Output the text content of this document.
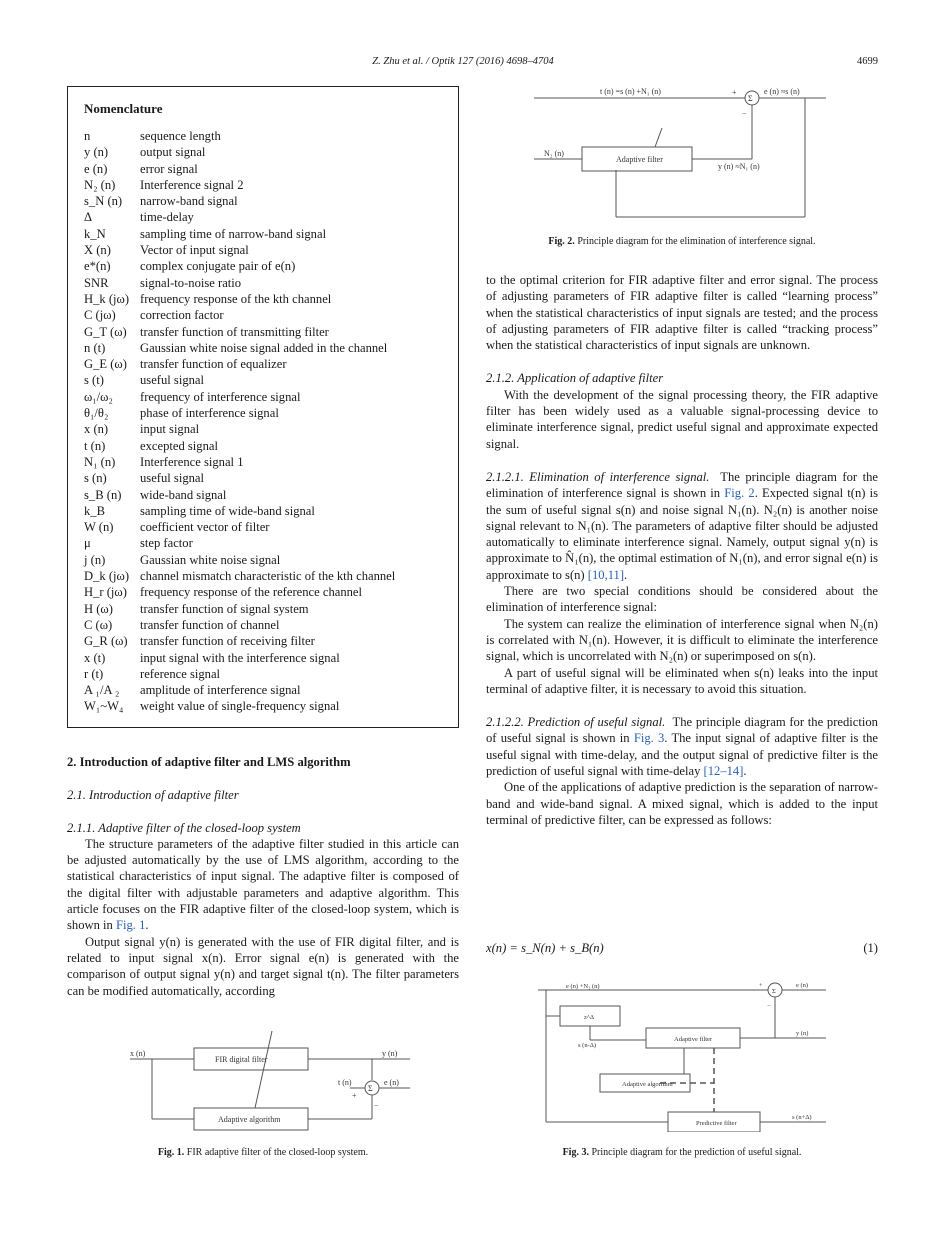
Z. Zhu et al. / Optik 127 (2016) 4698–4704	4699
Nomenclature
n	sequence length
y (n)	output signal
e (n)	error signal
N₂ (n)	Interference signal 2
s_N (n)	narrow-band signal
Δ	time-delay
k_N	sampling time of narrow-band signal
X (n)	Vector of input signal
e*(n)	complex conjugate pair of e(n)
SNR	signal-to-noise ratio
H_k (jω) frequency response of the kth channel
C (jω)	correction factor
G_T (ω)	transfer function of transmitting filter
n (t)	Gaussian white noise signal added in the channel
G_E (ω)	transfer function of equalizer
s (t)	useful signal
ω₁/ω₂	frequency of interference signal
θ₁/θ₂	phase of interference signal
x (n)	input signal
t (n)	excepted signal
N₁ (n)	Interference signal 1
s (n)	useful signal
s_B (n)	wide-band signal
k_B	sampling time of wide-band signal
W (n)	coefficient vector of filter
μ	step factor
j (n)	Gaussian white noise signal
D_k (jω) channel mismatch characteristic of the kth channel
H_r (jω)	frequency response of the reference channel
H (ω)	transfer function of signal system
C (ω)	transfer function of channel
G_R (ω) transfer function of receiving filter
x (t)	input signal with the interference signal
r (t)	reference signal
A ₁/A ₂	amplitude of interference signal
W₁~W₄	weight value of single-frequency signal

2. Introduction of adaptive filter and LMS algorithm

2.1. Introduction of adaptive filter

2.1.1. Adaptive filter of the closed-loop system

The structure parameters of the adaptive filter studied in this article can be adjusted automatically by the use of LMS algorithm, according to the statistical characteristics of input signal. The adaptive filter is composed of the digital filter with adjustable parameters and adaptive algorithm. This article focuses on the FIR adaptive filter of the closed-loop system, which is shown in Fig. 1.

Output signal y(n) is generated with the use of FIR digital filter, and is related to input signal x(n). Error signal e(n) is generated with the comparison of output signal y(n) and target signal t(n). The filter parameters can be modified automatically, according

x (n)	y (n)
t (n)	e (n)
FIR digital filter
Adaptive algorithm
+
−
Σ
Fig. 1. FIR adaptive filter of the closed-loop system.
t (n) =s (n) +N₁ (n)	e (n) ≈s (n)
N₂ (n)
y (n) ≈N₁ (n)
Adaptive filter
+
−
Σ
Fig. 2. Principle diagram for the elimination of interference signal.

to the optimal criterion for FIR adaptive filter and error signal. The process of adjusting parameters of FIR adaptive filter is called “learning process” when the statistical characteristics of input signals are tested; and the process of adjusting parameters of FIR adaptive filter is called “tracking process” when the statistical characteristics of input signals are unknown.

2.1.2. Application of adaptive filter

With the development of the signal processing theory, the FIR adaptive filter has been widely used as a valuable signal-processing device to eliminate interference signal, predict useful signal and approximate expected signal.

2.1.2.1. Elimination of interference signal. The principle diagram for the elimination of interference signal is shown in Fig. 2. Expected signal t(n) is the sum of useful signal s(n) and noise signal N₁(n). N₂(n) is another noise signal relevant to N₁(n). The parameters of adaptive filter should be adjusted automatically to eliminate interference signal. Namely, output signal y(n) is approximate to N̂₁(n), the optimal estimation of N₁(n), and error signal e(n) is approximate to s(n) [10,11].

There are two special conditions should be considered about the elimination of interference signal:

The system can realize the elimination of interference signal when N₂(n) is correlated with N₁(n). However, it is difficult to eliminate the interference signal, which is uncorrelated with N₂(n) or superimposed on s(n).

A part of useful signal will be eliminated when s(n) leaks into the input terminal of adaptive filter, it is necessary to avoid this situation.

2.1.2.2. Prediction of useful signal. The principle diagram for the prediction of useful signal is shown in Fig. 3. The input signal of adaptive filter is the useful signal with time-delay, and the output signal of predictive filter is the prediction of useful signal with time-delay [12–14].

One of the applications of adaptive prediction is the separation of narrow-band and wide-band signal. A mixed signal, which is added to the input terminal of predictive filter, can be expressed as follows:

x(n) = s_N(n) + s_B(n)	(1)
e (n) +N₁ (n)	e (n)
z^Δ
s (n-Δ)
y (n)
s (n+Δ)
Adaptive filter
Adaptive algorithm
Predictive filter
+
−
Σ
Fig. 3. Principle diagram for the prediction of useful signal.
